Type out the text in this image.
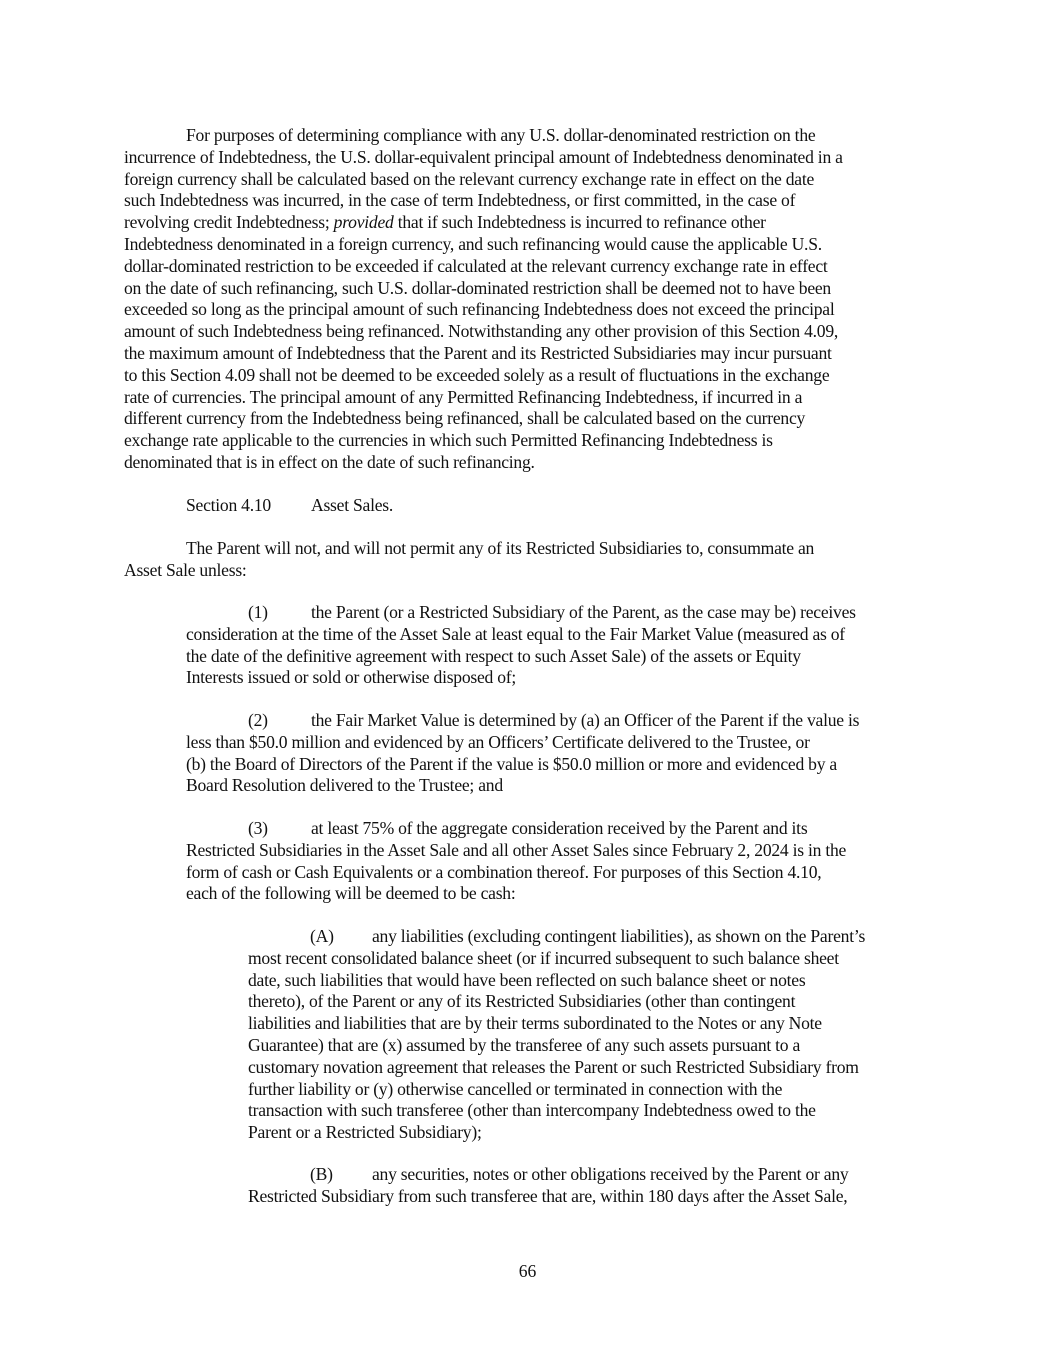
For purposes of determining compliance with any U.S. dollar-denominated restriction on the
incurrence of Indebtedness, the U.S. dollar-equivalent principal amount of Indebtedness denominated in a
foreign currency shall be calculated based on the relevant currency exchange rate in effect on the date
such Indebtedness was incurred, in the case of term Indebtedness, or first committed, in the case of
revolving credit Indebtedness; provided that if such Indebtedness is incurred to refinance other
Indebtedness denominated in a foreign currency, and such refinancing would cause the applicable U.S.
dollar-dominated restriction to be exceeded if calculated at the relevant currency exchange rate in effect
on the date of such refinancing, such U.S. dollar-dominated restriction shall be deemed not to have been
exceeded so long as the principal amount of such refinancing Indebtedness does not exceed the principal
amount of such Indebtedness being refinanced. Notwithstanding any other provision of this Section 4.09,
the maximum amount of Indebtedness that the Parent and its Restricted Subsidiaries may incur pursuant
to this Section 4.09 shall not be deemed to be exceeded solely as a result of fluctuations in the exchange
rate of currencies. The principal amount of any Permitted Refinancing Indebtedness, if incurred in a
different currency from the Indebtedness being refinanced, shall be calculated based on the currency
exchange rate applicable to the currencies in which such Permitted Refinancing Indebtedness is
denominated that is in effect on the date of such refinancing.
Section 4.10 Asset Sales.
The Parent will not, and will not permit any of its Restricted Subsidiaries to, consummate an
Asset Sale unless:
(1) the Parent (or a Restricted Subsidiary of the Parent, as the case may be) receives
consideration at the time of the Asset Sale at least equal to the Fair Market Value (measured as of
the date of the definitive agreement with respect to such Asset Sale) of the assets or Equity
Interests issued or sold or otherwise disposed of;
(2) the Fair Market Value is determined by (a) an Officer of the Parent if the value is
less than $50.0 million and evidenced by an Officers’ Certificate delivered to the Trustee, or
(b) the Board of Directors of the Parent if the value is $50.0 million or more and evidenced by a
Board Resolution delivered to the Trustee; and
(3) at least 75% of the aggregate consideration received by the Parent and its
Restricted Subsidiaries in the Asset Sale and all other Asset Sales since February 2, 2024 is in the
form of cash or Cash Equivalents or a combination thereof. For purposes of this Section 4.10,
each of the following will be deemed to be cash:
(A) any liabilities (excluding contingent liabilities), as shown on the Parent’s
most recent consolidated balance sheet (or if incurred subsequent to such balance sheet
date, such liabilities that would have been reflected on such balance sheet or notes
thereto), of the Parent or any of its Restricted Subsidiaries (other than contingent
liabilities and liabilities that are by their terms subordinated to the Notes or any Note
Guarantee) that are (x) assumed by the transferee of any such assets pursuant to a
customary novation agreement that releases the Parent or such Restricted Subsidiary from
further liability or (y) otherwise cancelled or terminated in connection with the
transaction with such transferee (other than intercompany Indebtedness owed to the
Parent or a Restricted Subsidiary);
(B) any securities, notes or other obligations received by the Parent or any
Restricted Subsidiary from such transferee that are, within 180 days after the Asset Sale,
66
